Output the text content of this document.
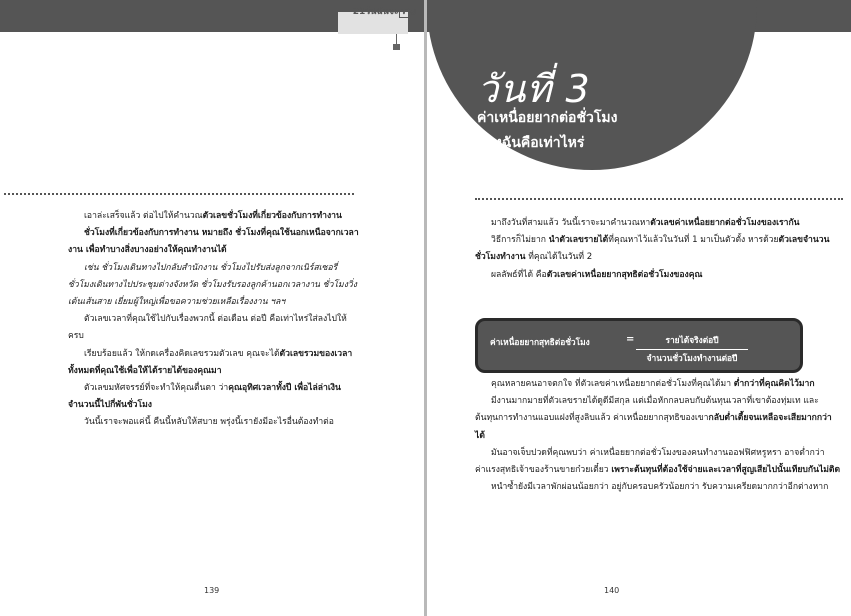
21วันฉันจะ รวย

เอาล่ะเสร็จแล้ว ต่อไปให้คำนวณตัวเลขชั่วโมงที่เกี่ยวข้องกับการทำงาน

ชั่วโมงที่เกี่ยวข้องกับการทำงาน หมายถึง ชั่วโมงที่คุณใช้นอกเหนือจากเวลางาน เพื่อทำบางสิ่งบางอย่างให้คุณทำงานได้

เช่น ชั่วโมงเดินทางไปกลับสำนักงาน ชั่วโมงไปรับส่งลูกจากเนิร์สเซอรี่ ชั่วโมงเดินทางไปประชุมต่างจังหวัด ชั่วโมงรับรองลูกค้านอกเวลางาน ชั่วโมงวิ่งเต้นเส้นสาย เยี่ยมผู้ใหญ่เพื่อขอความช่วยเหลือเรื่องงาน ฯลฯ

ตัวเลขเวลาที่คุณใช้ไปกับเรื่องพวกนี้ ต่อเดือน ต่อปี คือเท่าไหร่ใส่ลงไปให้ครบ

เรียบร้อยแล้ว ให้กดเครื่องคิดเลขรวมตัวเลข คุณจะได้ตัวเลขรวมของเวลาทั้งหมดที่คุณใช้เพื่อให้ได้รายได้ของคุณมา

ตัวเลขมหัศจรรย์ที่จะทำให้คุณตื่นตา ว่าคุณอุทิศเวลาทั้งปี เพื่อไล่ล่าเงินจำนวนนี้ไปกี่พันชั่วโมง

วันนี้เราจะพอแค่นี้ คืนนี้หลับให้สบาย พรุ่งนี้เรายังมีอะไรอื่นต้องทำต่อ

139
วันที่ 3
ค่าเหนื่อยยากต่อชั่วโมง
ของฉันคือเท่าไหร่

มาถึงวันที่สามแล้ว วันนี้เราจะมาคำนวณหาตัวเลขค่าเหนื่อยยากต่อชั่วโมงของเรากัน

วิธีการก็ไม่ยาก นำตัวเลขรายได้ที่คุณหาไว้แล้วในวันที่ 1 มาเป็นตัวตั้ง หารด้วยตัวเลขจำนวนชั่วโมงทำงาน ที่คุณได้ในวันที่ 2

ผลลัพธ์ที่ได้ คือตัวเลขค่าเหนื่อยยากสุทธิต่อชั่วโมงของคุณ

ค่าเหนื่อยยากสุทธิต่อชั่วโมง	=	รายได้จริงต่อปี
จำนวนชั่วโมงทำงานต่อปี

คุณหลายคนอาจตกใจ ที่ตัวเลขค่าเหนื่อยยากต่อชั่วโมงที่คุณได้มา ต่ำกว่าที่คุณคิดไว้มาก

มีงานมากมายที่ตัวเลขรายได้ดูดีมีสกุล แต่เมื่อหักกลบลบกับต้นทุนเวลาที่เขาต้องทุ่มเท และต้นทุนการทำงานแอบแฝงที่สูงลิบแล้ว ค่าเหนื่อยยากสุทธิของเขากลับต่ำเตี้ยจนเหลือจะเสียมากกว่าได้

มันอาจเจ็บปวดที่คุณพบว่า ค่าเหนื่อยยากต่อชั่วโมงของคนทำงานออฟฟิศหรูหรา อาจต่ำกว่าค่าแรงสุทธิเจ้าของร้านขายก๋วยเตี๋ยว เพราะต้นทุนที่ต้องใช้จ่ายและเวลาที่สูญเสียไปนั้นเทียบกันไม่ติด

หนำซ้ำยังมีเวลาพักผ่อนน้อยกว่า อยู่กับครอบครัวน้อยกว่า รับความเครียดมากกว่าอีกต่างหาก

140
